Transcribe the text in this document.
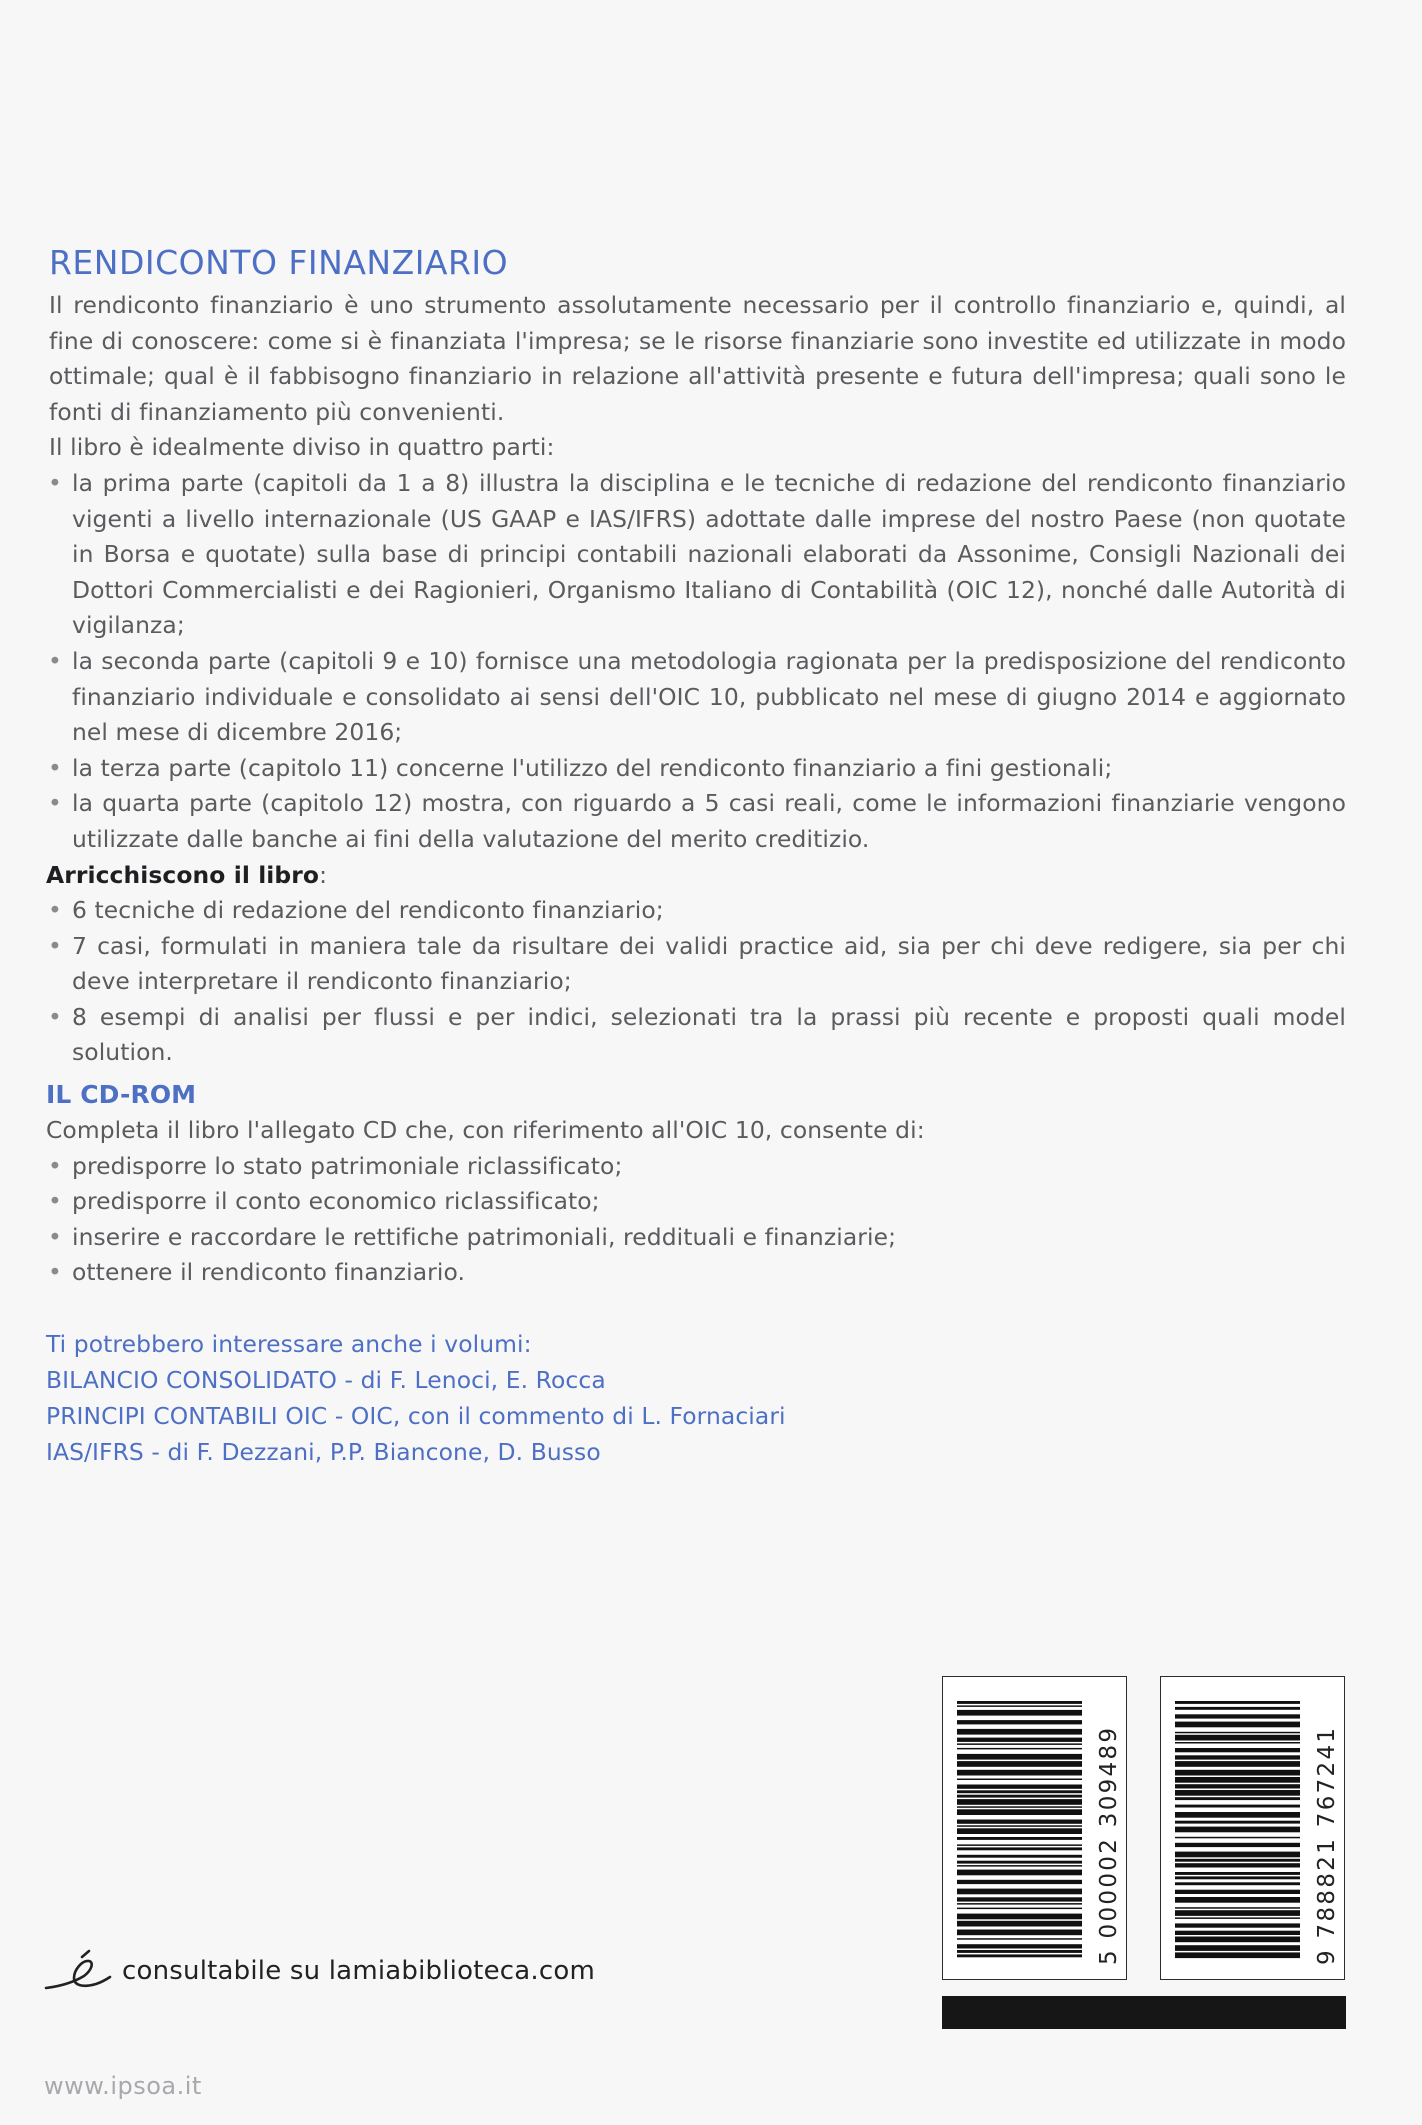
RENDICONTO FINANZIARIO

Il rendiconto finanziario è uno strumento assolutamente necessario per il controllo finanziario e, quindi, al fine di conoscere: come si è finanziata l'impresa; se le risorse finanziarie sono investite ed utilizzate in modo ottimale; qual è il fabbisogno finanziario in relazione all'attività presente e futura dell'impresa; quali sono le fonti di finanziamento più convenienti.

Il libro è idealmente diviso in quattro parti:

• la prima parte (capitoli da 1 a 8) illustra la disciplina e le tecniche di redazione del rendiconto finanziario vigenti a livello internazionale (US GAAP e IAS/IFRS) adottate dalle imprese del nostro Paese (non quotate in Borsa e quotate) sulla base di principi contabili nazionali elaborati da Assonime, Consigli Nazionali dei Dottori Commercialisti e dei Ragionieri, Organismo Italiano di Contabilità (OIC 12), nonché dalle Autorità di vigilanza;
• la seconda parte (capitoli 9 e 10) fornisce una metodologia ragionata per la predisposizione del rendiconto finanziario individuale e consolidato ai sensi dell'OIC 10, pubblicato nel mese di giugno 2014 e aggiornato nel mese di dicembre 2016;
• la terza parte (capitolo 11) concerne l'utilizzo del rendiconto finanziario a fini gestionali;
• la quarta parte (capitolo 12) mostra, con riguardo a 5 casi reali, come le informazioni finanziarie vengono utilizzate dalle banche ai fini della valutazione del merito creditizio.

Arricchiscono il libro:

• 6 tecniche di redazione del rendiconto finanziario;
• 7 casi, formulati in maniera tale da risultare dei validi practice aid, sia per chi deve redigere, sia per chi deve interpretare il rendiconto finanziario;
• 8 esempi di analisi per flussi e per indici, selezionati tra la prassi più recente e proposti quali model solution.
IL CD-ROM

Completa il libro l'allegato CD che, con riferimento all'OIC 10, consente di:

• predisporre lo stato patrimoniale riclassificato;
• predisporre il conto economico riclassificato;
• inserire e raccordare le rettifiche patrimoniali, reddituali e finanziarie;
• ottenere il rendiconto finanziario.
Ti potrebbero interessare anche i volumi:
BILANCIO CONSOLIDATO - di F. Lenoci, E. Rocca
PRINCIPI CONTABILI OIC - OIC, con il commento di L. Fornaciari
IAS/IFRS - di F. Dezzani, P.P. Biancone, D. Busso
5 000002 309489	9 788821 767241
consultabile su lamiabiblioteca.com
www.ipsoa.it
